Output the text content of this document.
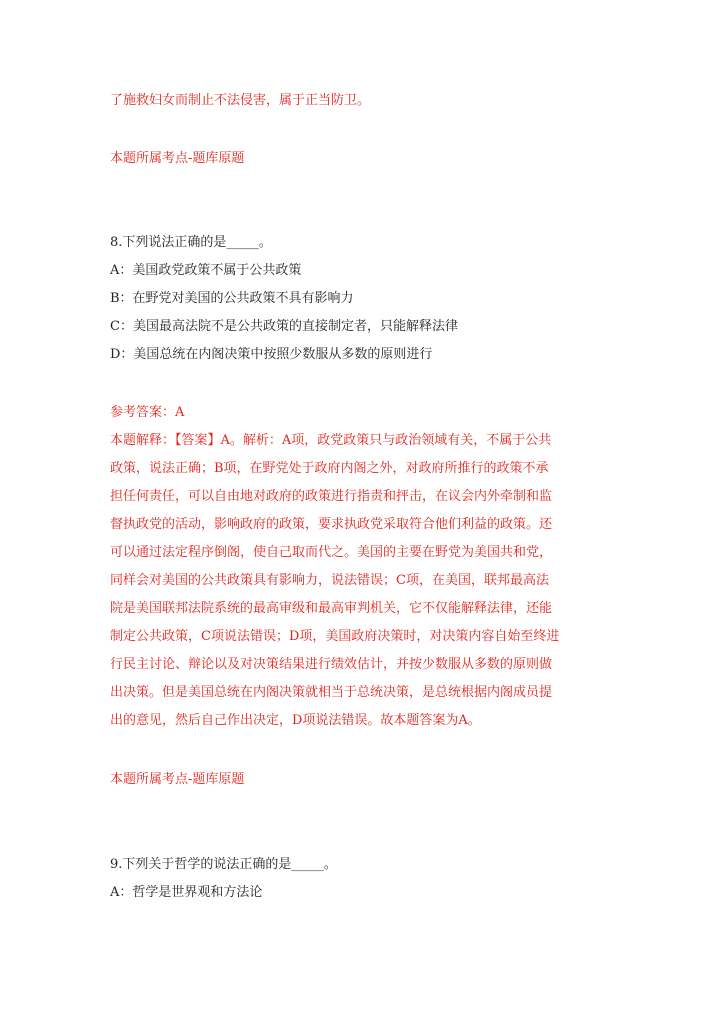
了施救妇女而制止不法侵害，属于正当防卫。
本题所属考点-题库原题
8.下列说法正确的是_____。
A：美国政党政策不属于公共政策
B：在野党对美国的公共政策不具有影响力
C：美国最高法院不是公共政策的直接制定者，只能解释法律
D：美国总统在内阁决策中按照少数服从多数的原则进行
参考答案：A
本题解释：【答案】A。解析：A项，政党政策只与政治领域有关，不属于公共
政策，说法正确；B项，在野党处于政府内阁之外，对政府所推行的政策不承
担任何责任，可以自由地对政府的政策进行指责和抨击，在议会内外牵制和监
督执政党的活动，影响政府的政策，要求执政党采取符合他们利益的政策。还
可以通过法定程序倒阁，使自己取而代之。美国的主要在野党为美国共和党，
同样会对美国的公共政策具有影响力，说法错误；C项，在美国，联邦最高法
院是美国联邦法院系统的最高审级和最高审判机关，它不仅能解释法律，还能
制定公共政策，C项说法错误；D项，美国政府决策时，对决策内容自始至终进
行民主讨论、辩论以及对决策结果进行绩效估计，并按少数服从多数的原则做
出决策。但是美国总统在内阁决策就相当于总统决策，是总统根据内阁成员提
出的意见，然后自己作出决定，D项说法错误。故本题答案为A。
本题所属考点-题库原题
9.下列关于哲学的说法正确的是_____。
A：哲学是世界观和方法论
